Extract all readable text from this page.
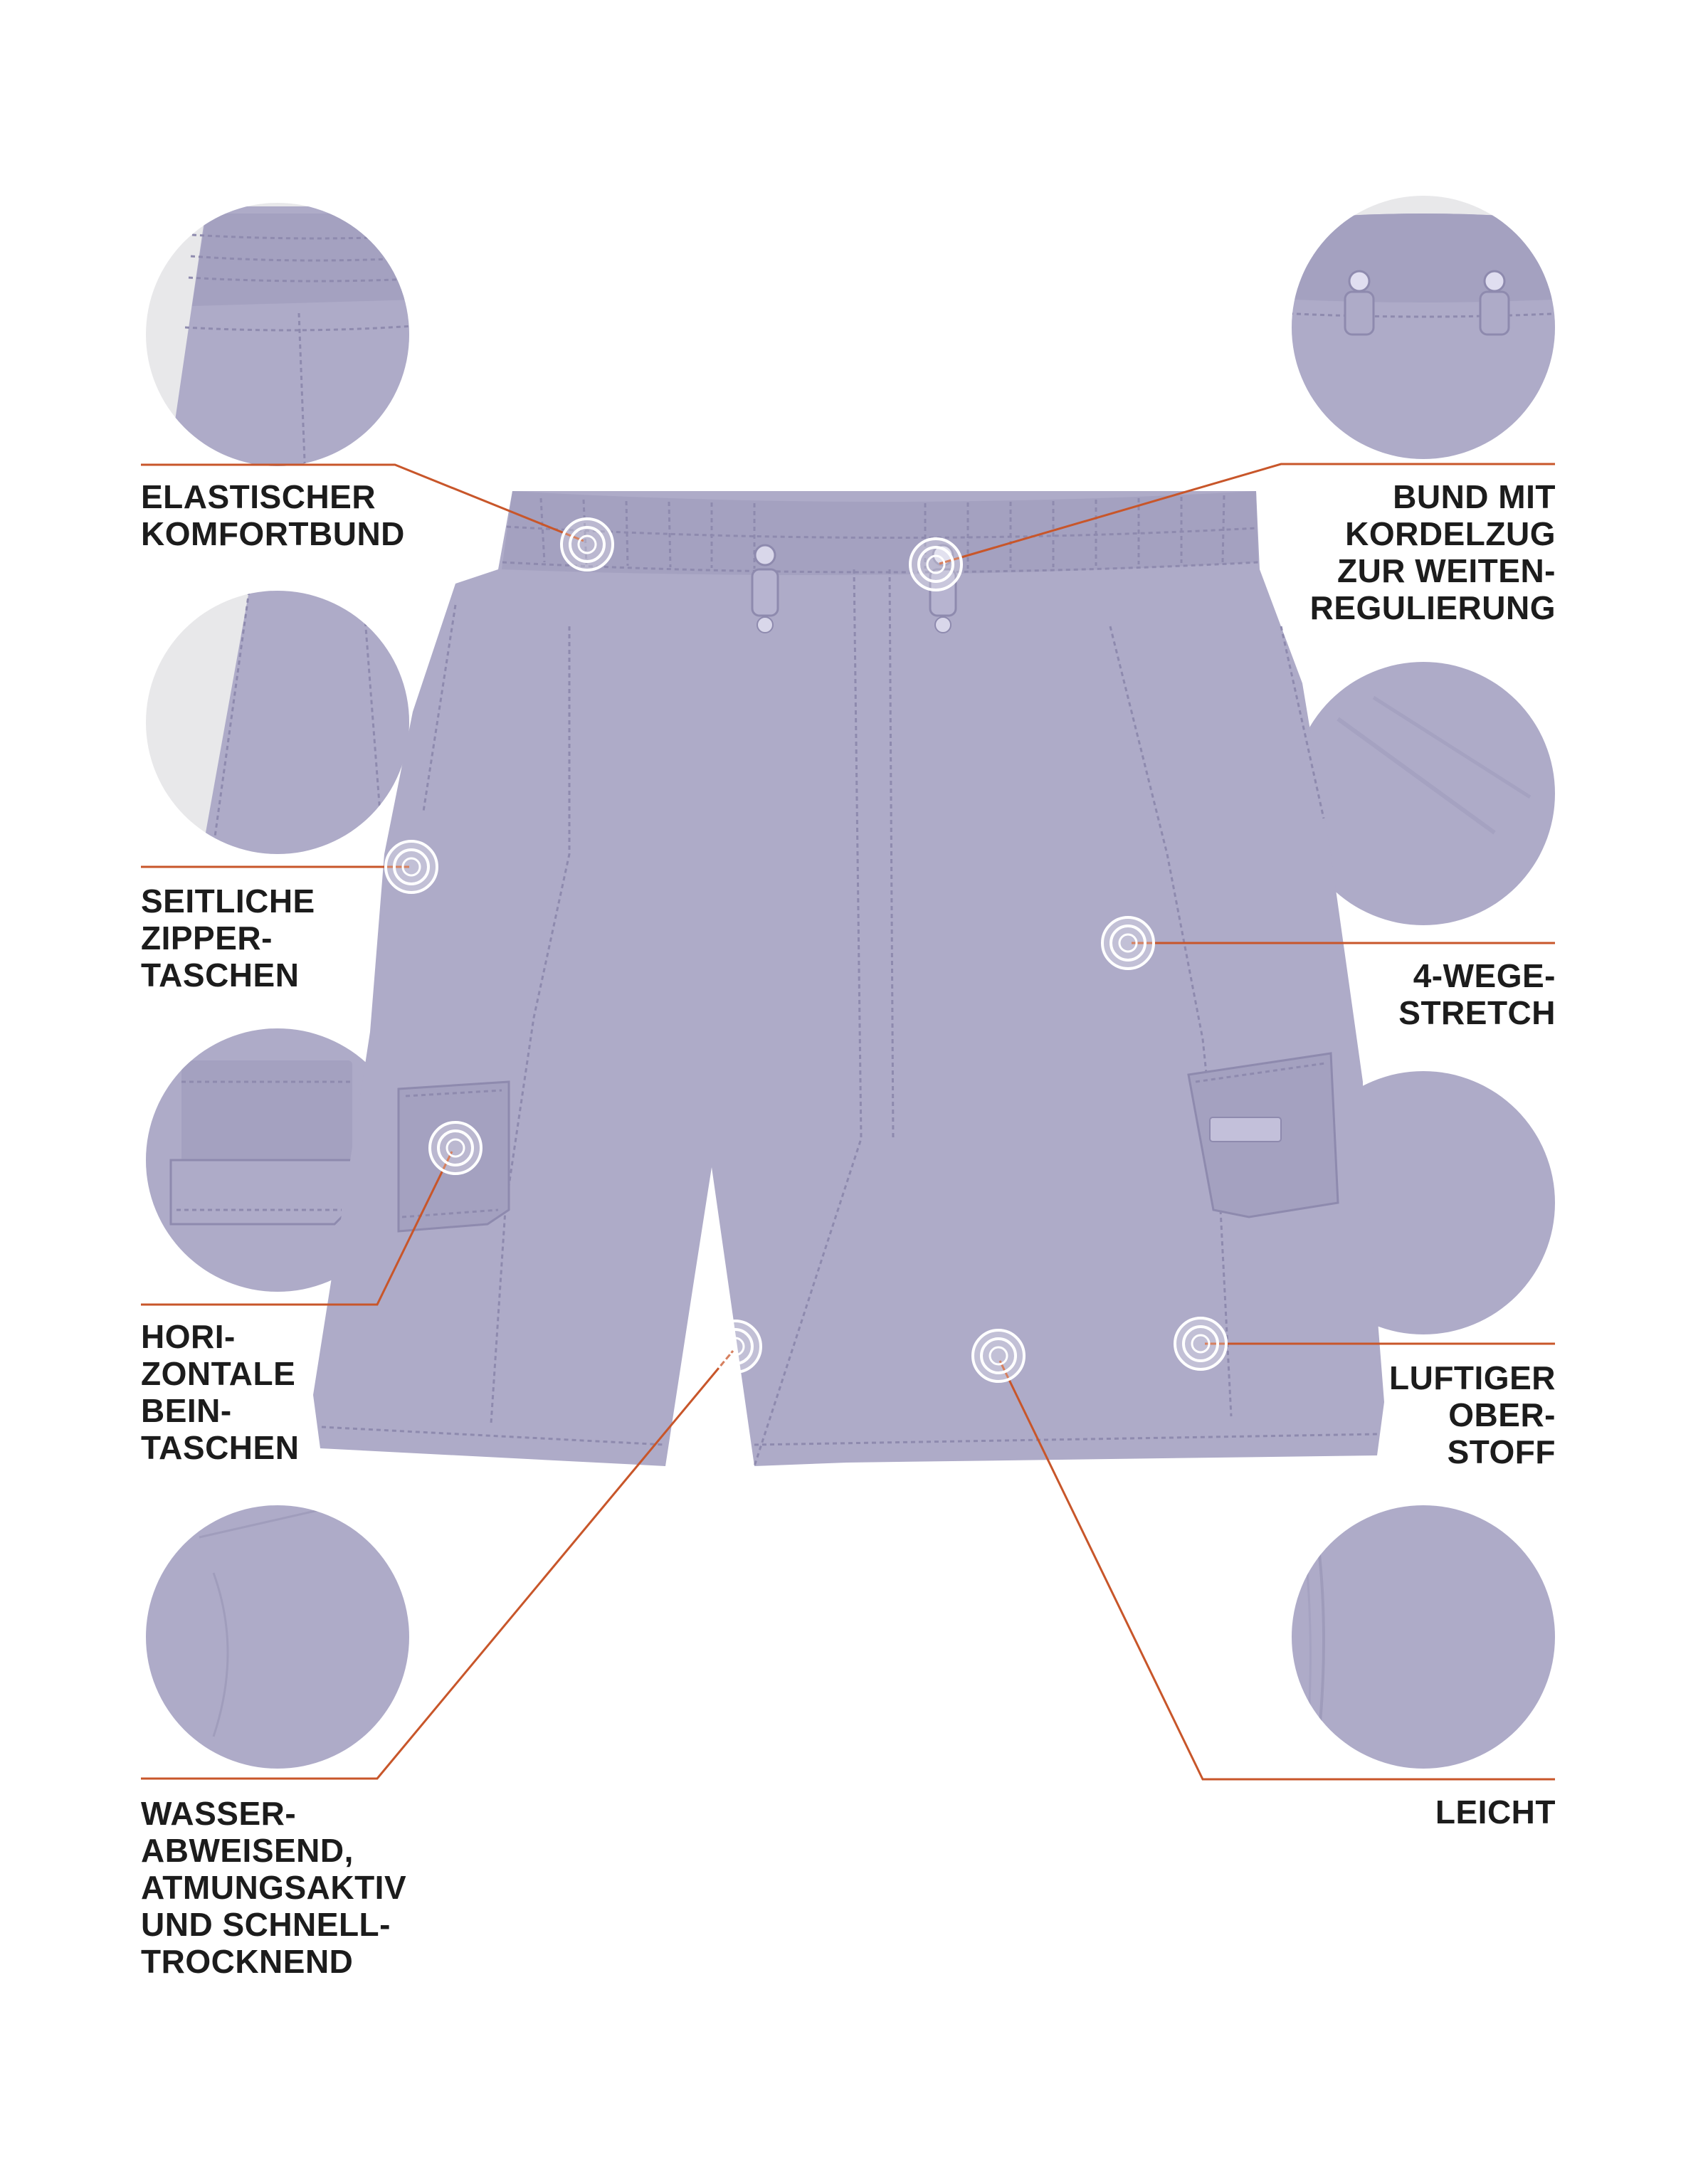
ELASTISCHER
KOMFORTBUND
SEITLICHE
ZIPPER-
TASCHEN
HORI-
ZONTALE
BEIN-
TASCHEN
WASSER-
ABWEISEND,
ATMUNGSAKTIV
UND SCHNELL-
TROCKNEND
BUND MIT
KORDELZUG
ZUR WEITEN-
REGULIERUNG
4-WEGE-
STRETCH
LUFTIGER
OBER-
STOFF
LEICHT
